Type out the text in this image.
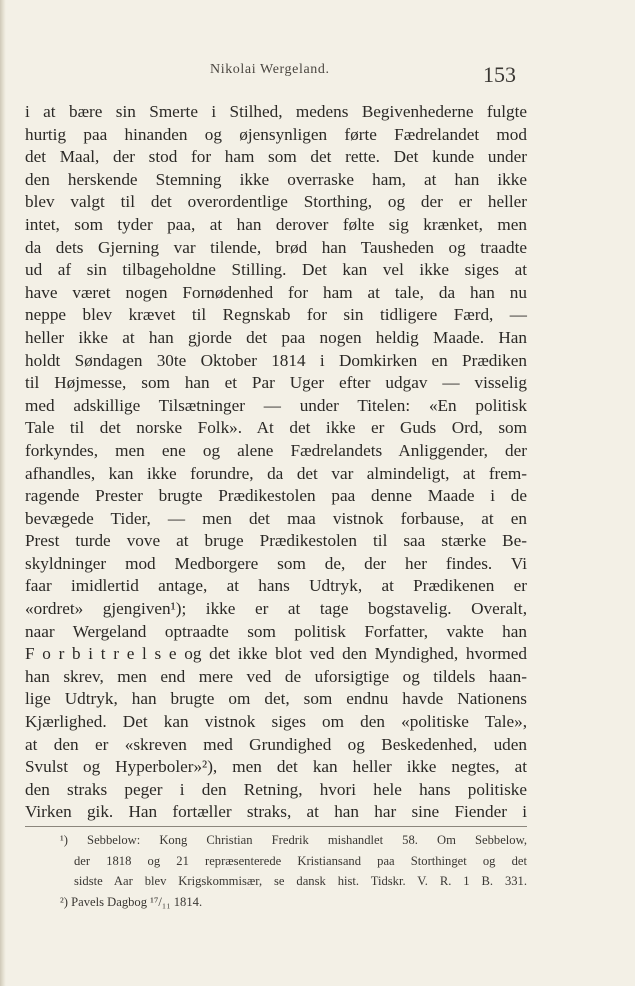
Nikolai Wergeland.	153
i at bære sin Smerte i Stilhed, medens Begivenhederne fulgte
hurtig paa hinanden og øjensynligen førte Fædrelandet mod
det Maal, der stod for ham som det rette. Det kunde under
den herskende Stemning ikke overraske ham, at han ikke
blev valgt til det overordentlige Storthing, og der er heller
intet, som tyder paa, at han derover følte sig krænket, men
da dets Gjerning var tilende, brød han Tausheden og traadte
ud af sin tilbageholdne Stilling. Det kan vel ikke siges at
have været nogen Fornødenhed for ham at tale, da han nu
neppe blev krævet til Regnskab for sin tidligere Færd, —
heller ikke at han gjorde det paa nogen heldig Maade. Han
holdt Søndagen 30te Oktober 1814 i Domkirken en Prædiken
til Højmesse, som han et Par Uger efter udgav — visselig
med adskillige Tilsætninger — under Titelen: «En politisk
Tale til det norske Folk». At det ikke er Guds Ord, som
forkyndes, men ene og alene Fædrelandets Anliggender, der
afhandles, kan ikke forundre, da det var almindeligt, at frem-
ragende Prester brugte Prædikestolen paa denne Maade i de
bevægede Tider, — men det maa vistnok forbause, at en
Prest turde vove at bruge Prædikestolen til saa stærke Be-
skyldninger mod Medborgere som de, der her findes. Vi
faar imidlertid antage, at hans Udtryk, at Prædikenen er
«ordret» gjengiven¹); ikke er at tage bogstavelig. Overalt,
naar Wergeland optraadte som politisk Forfatter, vakte han
F o r b i t r e l s e og det ikke blot ved den Myndighed, hvormed
han skrev, men end mere ved de uforsigtige og tildels haan-
lige Udtryk, han brugte om det, som endnu havde Nationens
Kjærlighed. Det kan vistnok siges om den «politiske Tale»,
at den er «skreven med Grundighed og Beskedenhed, uden
Svulst og Hyperboler»²), men det kan heller ikke negtes, at
den straks peger i den Retning, hvori hele hans politiske
Virken gik. Han fortæller straks, at han har sine Fiender i
¹) Sebbelow: Kong Christian Fredrik mishandlet 58. Om Sebbelow,
der 1818 og 21 repræsenterede Kristiansand paa Storthinget og det
sidste Aar blev Krigskommisær, se dansk hist. Tidskr. V. R. 1 B. 331.
²) Pavels Dagbog ¹⁷/₁₁ 1814.
